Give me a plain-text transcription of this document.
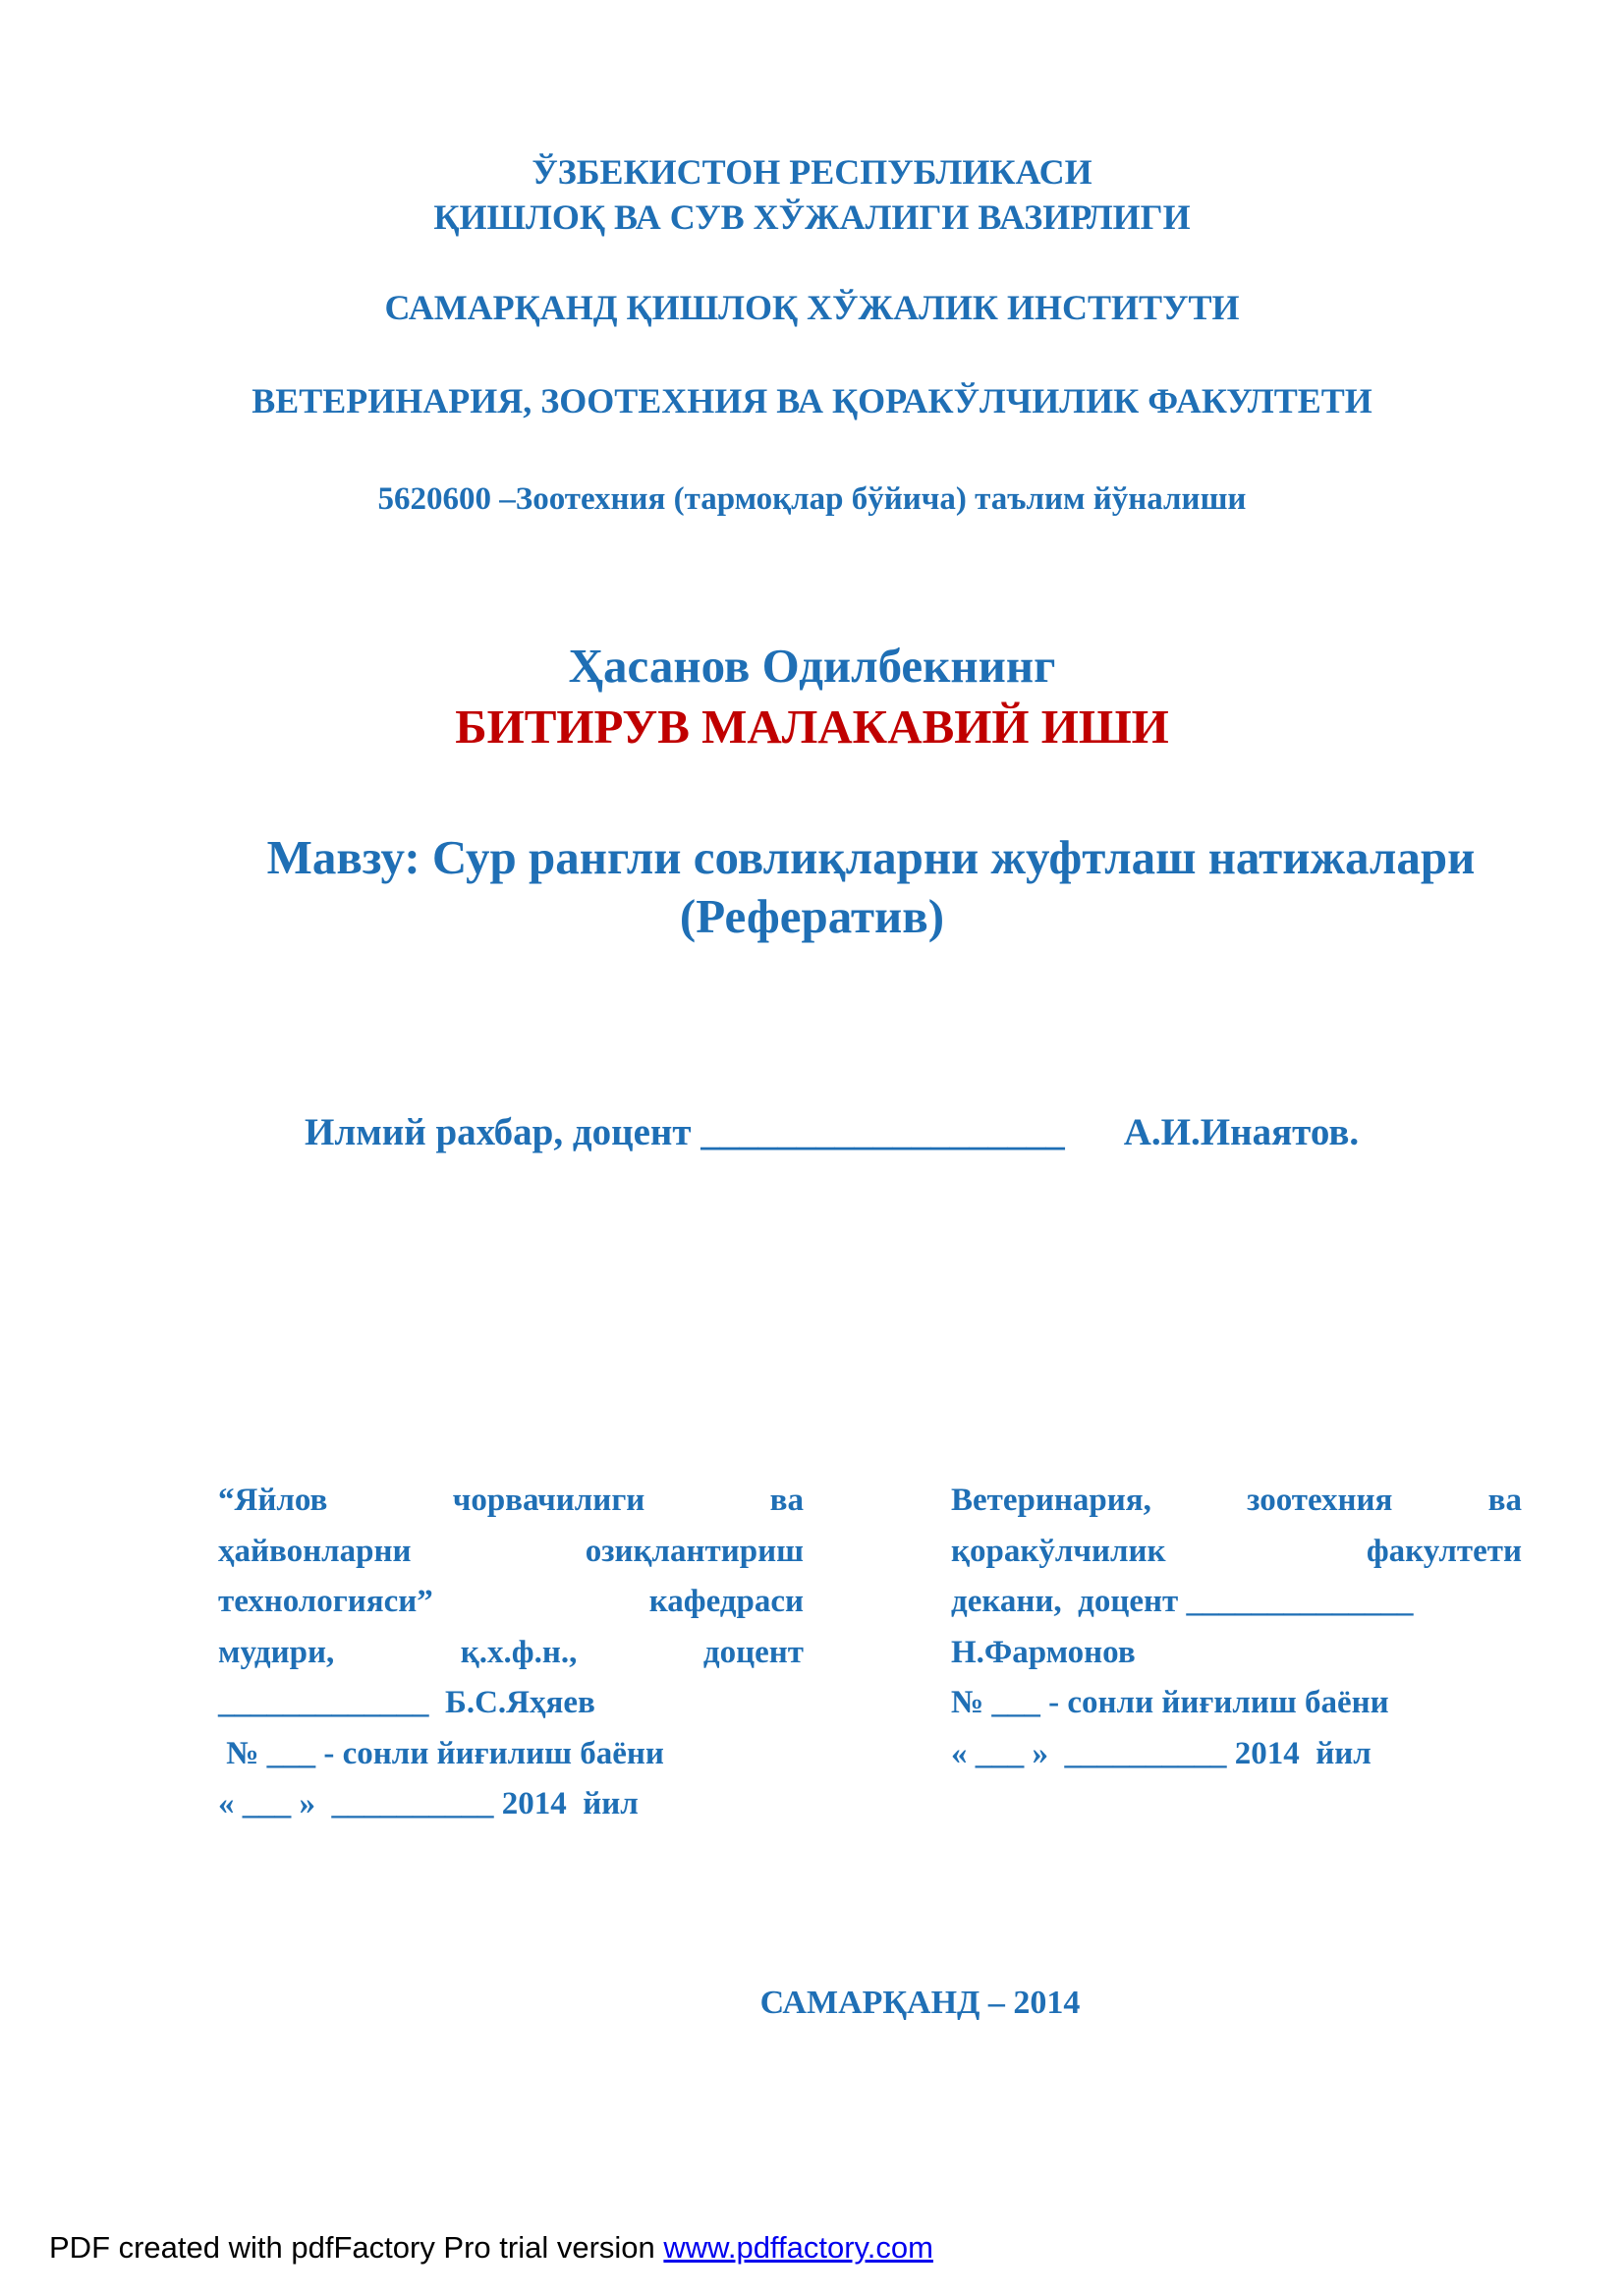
ЎЗБЕКИСТОН РЕСПУБЛИКАСИ
ҚИШЛОҚ ВА СУВ ХЎЖАЛИГИ ВАЗИРЛИГИ
САМАРҚАНД ҚИШЛОҚ ХЎЖАЛИК ИНСТИТУТИ
ВЕТЕРИНАРИЯ, ЗООТЕХНИЯ ВА ҚОРАКЎЛЧИЛИК ФАКУЛТЕТИ
5620600 –Зоотехния (тармоқлар бўйича) таълим йўналиши
Ҳасанов Одилбекнинг
БИТИРУВ МАЛАКАВИЙ ИШИ
Мавзу: Сур рангли совлиқларни жуфтлаш натижалари
(Рефератив)
Илмий рахбар, доцент ___________________ А.И.Инаятов.
“Яйлов	чорвачилиги	ва
ҳайвонларни	озиқлантириш
технологияси”	кафедраси
мудири,	қ.х.ф.н.,	доцент
_____________  Б.С.Яҳяев
№ ___ - сонли йиғилиш баёни
« ___ »  __________ 2014  йил
Ветеринария,	зоотехния	ва
қоракўлчилик	факултети
декани,  доцент ______________
Н.Фармонов
№ ___ - сонли йиғилиш баёни
« ___ »  __________ 2014  йил
САМАРҚАНД – 2014
PDF created with pdfFactory Pro trial version www.pdffactory.com
